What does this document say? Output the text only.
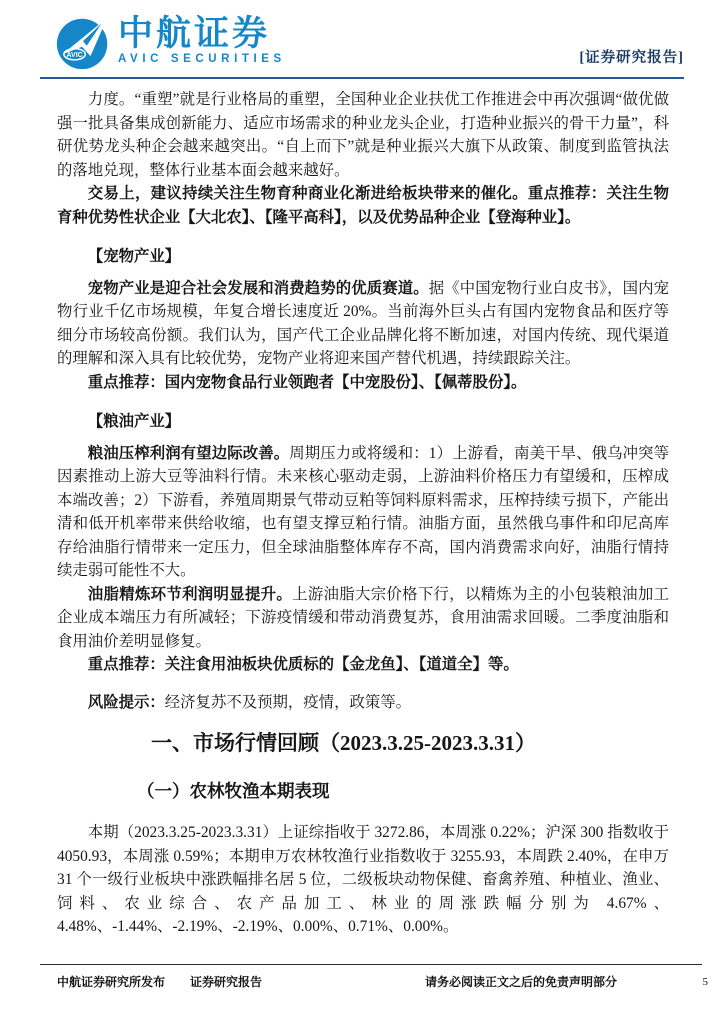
AVIC
中航证券
AVIC SECURITIES	[证券研究报告]

力度。“重塑”就是行业格局的重塑，全国种业企业扶优工作推进会中再次强调“做优做强一批具备集成创新能力、适应市场需求的种业龙头企业，打造种业振兴的骨干力量”，科研优势龙头种企会越来越突出。“自上而下”就是种业振兴大旗下从政策、制度到监管执法的落地兑现，整体行业基本面会越来越好。

交易上，建议持续关注生物育种商业化渐进给板块带来的催化。重点推荐：关注生物育种优势性状企业【大北农】、【隆平高科】，以及优势品种企业【登海种业】。

【宠物产业】

宠物产业是迎合社会发展和消费趋势的优质赛道。据《中国宠物行业白皮书》，国内宠物行业千亿市场规模，年复合增长速度近 20%。当前海外巨头占有国内宠物食品和医疗等细分市场较高份额。我们认为，国产代工企业品牌化将不断加速，对国内传统、现代渠道的理解和深入具有比较优势，宠物产业将迎来国产替代机遇，持续跟踪关注。

重点推荐：国内宠物食品行业领跑者【中宠股份】、【佩蒂股份】。

【粮油产业】

粮油压榨利润有望边际改善。周期压力或将缓和：1）上游看，南美干旱、俄乌冲突等因素推动上游大豆等油料行情。未来核心驱动走弱，上游油料价格压力有望缓和，压榨成本端改善；2）下游看，养殖周期景气带动豆粕等饲料原料需求，压榨持续亏损下，产能出清和低开机率带来供给收缩，也有望支撑豆粕行情。油脂方面，虽然俄乌事件和印尼高库存给油脂行情带来一定压力，但全球油脂整体库存不高，国内消费需求向好，油脂行情持续走弱可能性不大。

油脂精炼环节利润明显提升。上游油脂大宗价格下行，以精炼为主的小包装粮油加工企业成本端压力有所减轻；下游疫情缓和带动消费复苏，食用油需求回暖。二季度油脂和食用油价差明显修复。

重点推荐：关注食用油板块优质标的【金龙鱼】、【道道全】等。

风险提示：经济复苏不及预期，疫情，政策等。

一、市场行情回顾（2023.3.25-2023.3.31）

（一）农林牧渔本期表现

本期（2023.3.25-2023.3.31）上证综指收于 3272.86，本周涨 0.22%；沪深 300 指数收于 4050.93，本周涨 0.59%；本期申万农林牧渔行业指数收于 3255.93，本周跌 2.40%，在申万 31 个一级行业板块中涨跌幅排名居 5 位，二级板块动物保健、畜禽养殖、种植业、渔业、饲料、农业综合、农产品加工、林业的周涨跌幅分别为 4.67%、4.48%、-1.44%、-2.19%、-2.19%、0.00%、0.71%、0.00%。

中航证券研究所发布 证券研究报告	请务必阅读正文之后的免责声明部分	5
